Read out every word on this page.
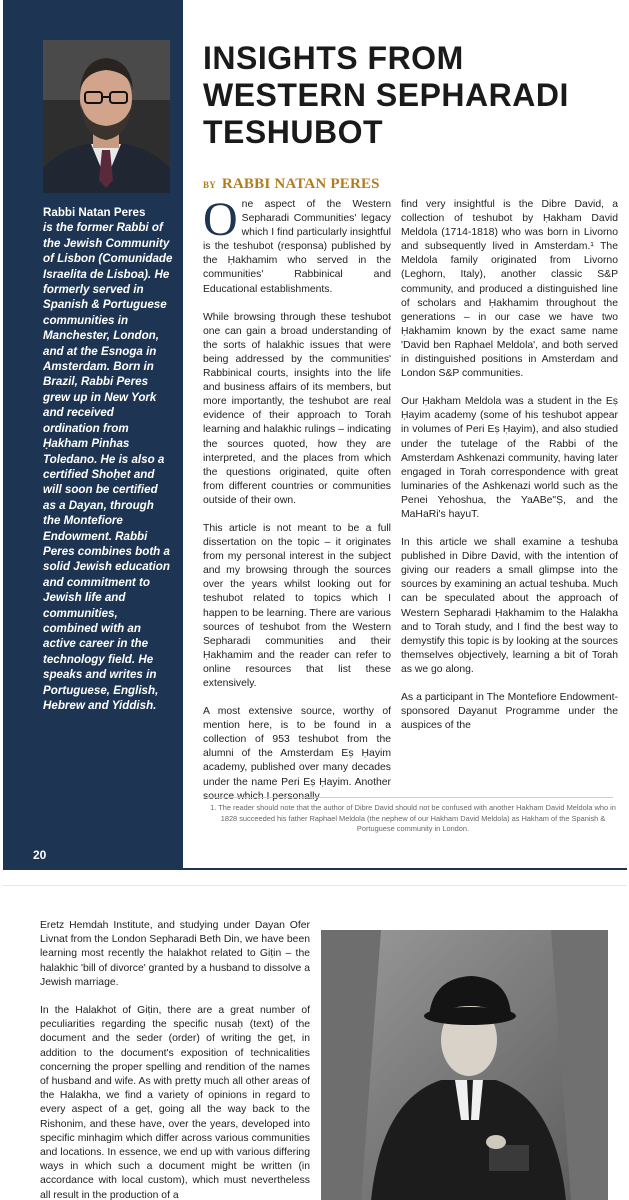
Rabbi Natan Peres
is the former Rabbi of the Jewish Community of Lisbon (Comunidade Israelita de Lisboa). He formerly served in Spanish & Portuguese communities in Manchester, London, and at the Esnoga in Amsterdam. Born in Brazil, Rabbi Peres grew up in New York and received ordination from Ḥakham Pinhas Toledano. He is also a certified Shoḥet and will soon be certified as a Dayan, through the Montefiore Endowment. Rabbi Peres combines both a solid Jewish education and commitment to Jewish life and communities, combined with an active career in the technology field. He speaks and writes in Portuguese, English, Hebrew and Yiddish.
20
INSIGHTS FROM
WESTERN SEPHARADI
TESHUBOT
BY RABBI NATAN PERES

One aspect of the Western Sepharadi Communities' legacy which I find particularly insightful is the teshubot (responsa) published by the Ḥakhamim who served in the communities' Rabbinical and Educational establishments.

While browsing through these teshubot one can gain a broad understanding of the sorts of halakhic issues that were being addressed by the communities' Rabbinical courts, insights into the life and business affairs of its members, but more importantly, the teshubot are real evidence of their approach to Torah learning and halakhic rulings – indicating the sources quoted, how they are interpreted, and the places from which the questions originated, quite often from different countries or communities outside of their own.

This article is not meant to be a full dissertation on the topic – it originates from my personal interest in the subject and my browsing through the sources over the years whilst looking out for teshubot related to topics which I happen to be learning. There are various sources of teshubot from the Western Sepharadi communities and their Ḥakhamim and the reader can refer to online resources that list these extensively.

A most extensive source, worthy of mention here, is to be found in a collection of 953 teshubot from the alumni of the Amsterdam Eṣ Ḥayim academy, published over many decades under the name Peri Eṣ Ḥayim. Another

find very insightful is the Dibre David, a collection of teshubot by Ḥakham David Meldola (1714-1818) who was born in Livorno and subsequently lived in Amsterdam.¹ The Meldola family originated from Livorno (Leghorn, Italy), another classic S&P community, and produced a distinguished line of scholars and Ḥakhamim throughout the generations – in our case we have two Ḥakhamim known by the exact same name 'David ben Raphael Meldola', and both served in distinguished positions in Amsterdam and London S&P communities.

Our Ḥakham Meldola was a student in the Eṣ Ḥayim academy (some of his teshubot appear in volumes of Peri Eṣ Ḥayim), and also studied under the tutelage of the Rabbi of the Amsterdam Ashkenazi community, having later engaged in Torah correspondence with great luminaries of the Ashkenazi world such as the Penei Yehoshua, the YaABe"Ṣ, and the MaHaRi's hayuT.

In this article we shall examine a teshuba published in Dibre David, with the intention of giving our readers a small glimpse into the sources by examining an actual teshuba. Much can be speculated about the approach of Western Sepharadi Ḥakhamim to the Halakha and to Torah study, and I find the best way to demystify this topic is by looking at the sources themselves objectively, learning a bit of Torah as we go along.

As a participant in The Montefiore Endowment-sponsored Dayanut Programme under the auspices of the

1. The reader should note that the author of Dibre David should not be confused with another Hakham David Meldola who in 1828 succeeded his father Raphael Meldola (the nephew of our Hakham David Meldola) as Hakham of the Spanish & Portuguese community in London.

Eretz Hemdah Institute, and studying under Dayan Ofer Livnat from the London Sepharadi Beth Din, we have been learning most recently the halakhot related to Giṭin – the halakhic 'bill of divorce' granted by a husband to dissolve a Jewish marriage.

In the Halakhot of Giṭin, there are a great number of peculiarities regarding the specific nusaḥ (text) of the document and the seder (order) of writing the geṭ, in addition to the document's exposition of technicalities concerning the proper spelling and rendition of the names of husband and wife. As with pretty much all other areas of the Halakha, we find a variety of opinions in regard to every aspect of a geṭ, going all the way back to the Rishonim, and these have, over the years, developed into specific minhagim which differ across various communities and locations. In essence, we end up with various differing ways in which such a document might be written (in accordance with local custom), which must nevertheless all result in the production of a
